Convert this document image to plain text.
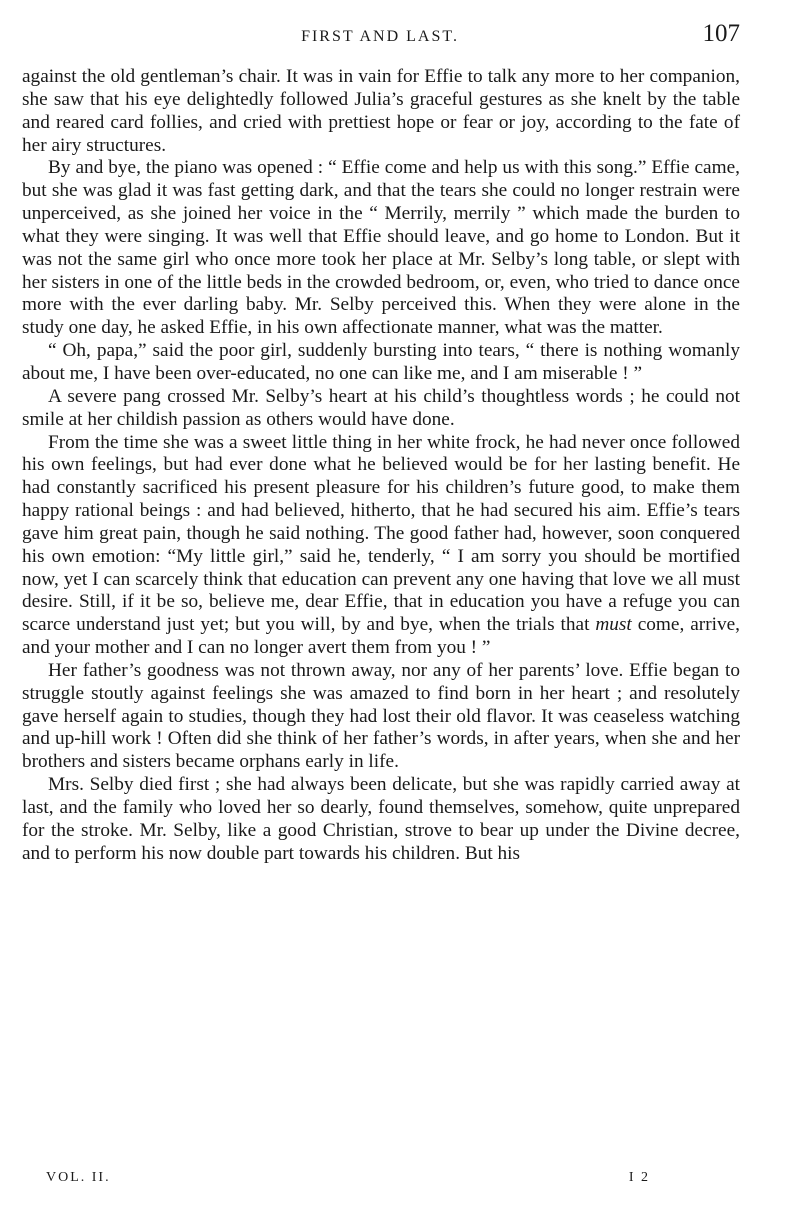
FIRST AND LAST.	107

against the old gentleman’s chair. It was in vain for Effie to talk any more to her companion, she saw that his eye delightedly followed Julia’s graceful gestures as she knelt by the table and reared card follies, and cried with prettiest hope or fear or joy, according to the fate of her airy structures.

By and bye, the piano was opened : “ Effie come and help us with this song.” Effie came, but she was glad it was fast getting dark, and that the tears she could no longer restrain were unperceived, as she joined her voice in the “ Merrily, merrily ” which made the burden to what they were singing. It was well that Effie should leave, and go home to London. But it was not the same girl who once more took her place at Mr. Selby’s long table, or slept with her sisters in one of the little beds in the crowded bedroom, or, even, who tried to dance once more with the ever darling baby. Mr. Selby perceived this. When they were alone in the study one day, he asked Effie, in his own affectionate manner, what was the matter.

“ Oh, papa,” said the poor girl, suddenly bursting into tears, “ there is nothing womanly about me, I have been over-educated, no one can like me, and I am miserable ! ”

A severe pang crossed Mr. Selby’s heart at his child’s thoughtless words ; he could not smile at her childish passion as others would have done.

From the time she was a sweet little thing in her white frock, he had never once followed his own feelings, but had ever done what he believed would be for her lasting benefit. He had constantly sacrificed his present pleasure for his children’s future good, to make them happy rational beings : and had believed, hitherto, that he had secured his aim. Effie’s tears gave him great pain, though he said nothing. The good father had, however, soon conquered his own emotion: “My little girl,” said he, tenderly, “ I am sorry you should be mortified now, yet I can scarcely think that education can prevent any one having that love we all must desire. Still, if it be so, believe me, dear Effie, that in education you have a refuge you can scarce understand just yet; but you will, by and bye, when the trials that must come, arrive, and your mother and I can no longer avert them from you ! ”

Her father’s goodness was not thrown away, nor any of her parents’ love. Effie began to struggle stoutly against feelings she was amazed to find born in her heart ; and resolutely gave herself again to studies, though they had lost their old flavor. It was ceaseless watching and up-hill work ! Often did she think of her father’s words, in after years, when she and her brothers and sisters became orphans early in life.

Mrs. Selby died first ; she had always been delicate, but she was rapidly carried away at last, and the family who loved her so dearly, found themselves, somehow, quite unprepared for the stroke. Mr. Selby, like a good Christian, strove to bear up under the Divine decree, and to perform his now double part towards his children. But his

VOL. II.	I 2
